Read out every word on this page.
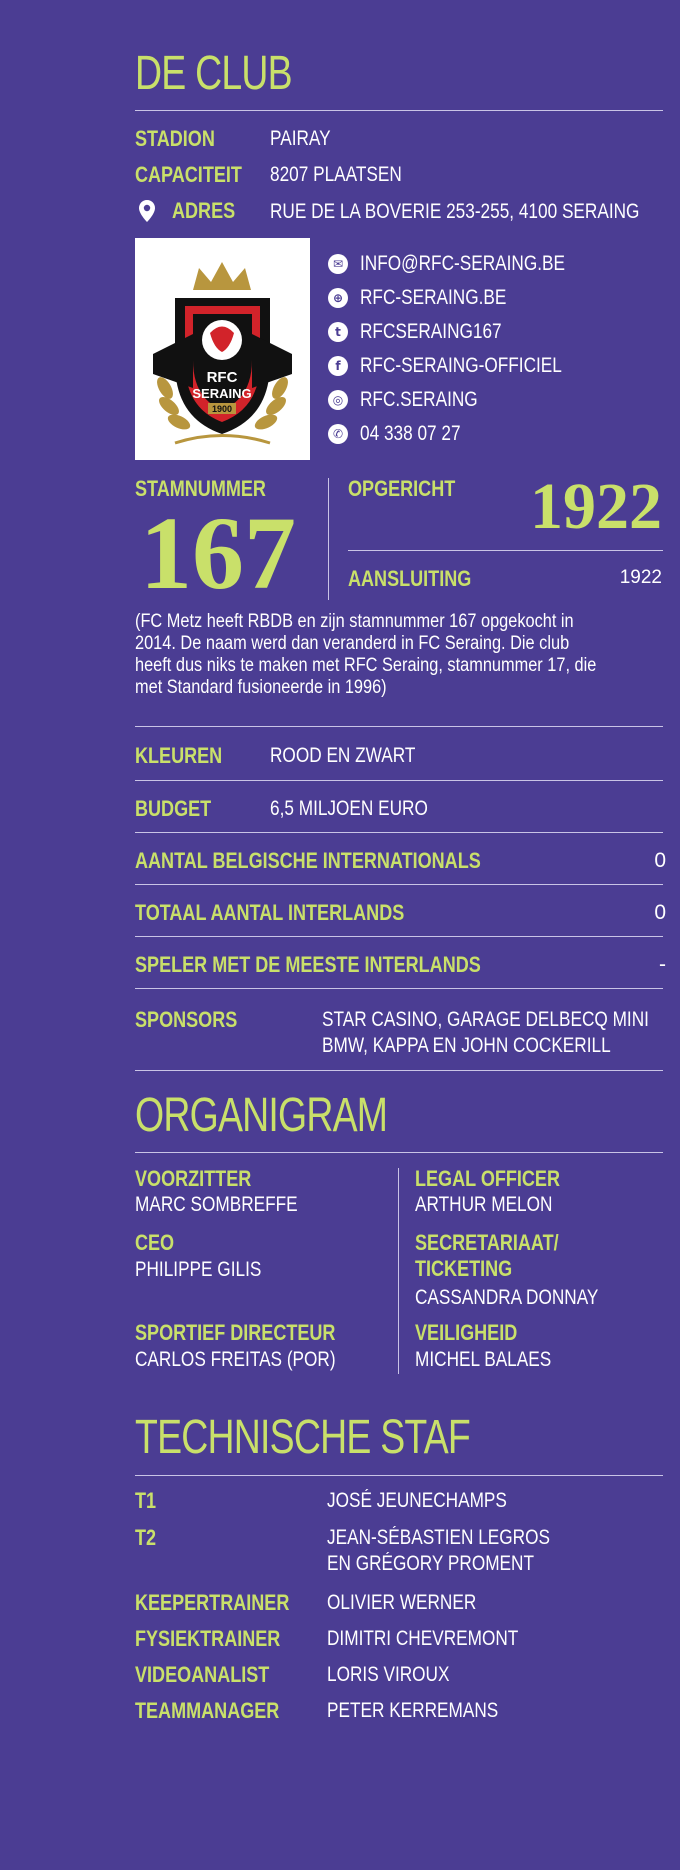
DE CLUB
STADION	PAIRAY
CAPACITEIT 8207 PLAATSEN
ADRES RUE DE LA BOVERIE 253-255, 4100 SERAING
RFC
SERAING
1900
✉ INFO@RFC-SERAING.BE
⊕ RFC-SERAING.BE
t RFCSERAING167
f RFC-SERAING-OFFICIEL
◎ RFC.SERAING
✆ 04 338 07 27
STAMNUMMER
167
OPGERICHT 1922
AANSLUITING	1922
(FC Metz heeft RBDB en zijn stamnummer 167 opgekocht in 2014. De naam werd dan veranderd in FC Seraing. Die club heeft dus niks te maken met RFC Seraing, stamnummer 17, die met Standard fusioneerde in 1996)
KLEUREN ROOD EN ZWART
BUDGET	6,5 MILJOEN EURO
AANTAL BELGISCHE INTERNATIONALS	0
TOTAAL AANTAL INTERLANDS	0
SPELER MET DE MEESTE INTERLANDS	-
SPONSORS	STAR CASINO, GARAGE DELBECQ MINI
BMW, KAPPA EN JOHN COCKERILL
ORGANIGRAM
VOORZITTER
MARC SOMBREFFE
CEO
PHILIPPE GILIS
SPORTIEF DIRECTEUR
CARLOS FREITAS (POR)
LEGAL OFFICER
ARTHUR MELON
SECRETARIAAT/
TICKETING
CASSANDRA DONNAY
VEILIGHEID
MICHEL BALAES
TECHNISCHE STAF
T1	JOSÉ JEUNECHAMPS
T2	JEAN-SÉBASTIEN LEGROS
EN GRÉGORY PROMENT
KEEPERTRAINER OLIVIER WERNER
FYSIEKTRAINER DIMITRI CHEVREMONT
VIDEOANALIST	LORIS VIROUX
TEAMMANAGER PETER KERREMANS
